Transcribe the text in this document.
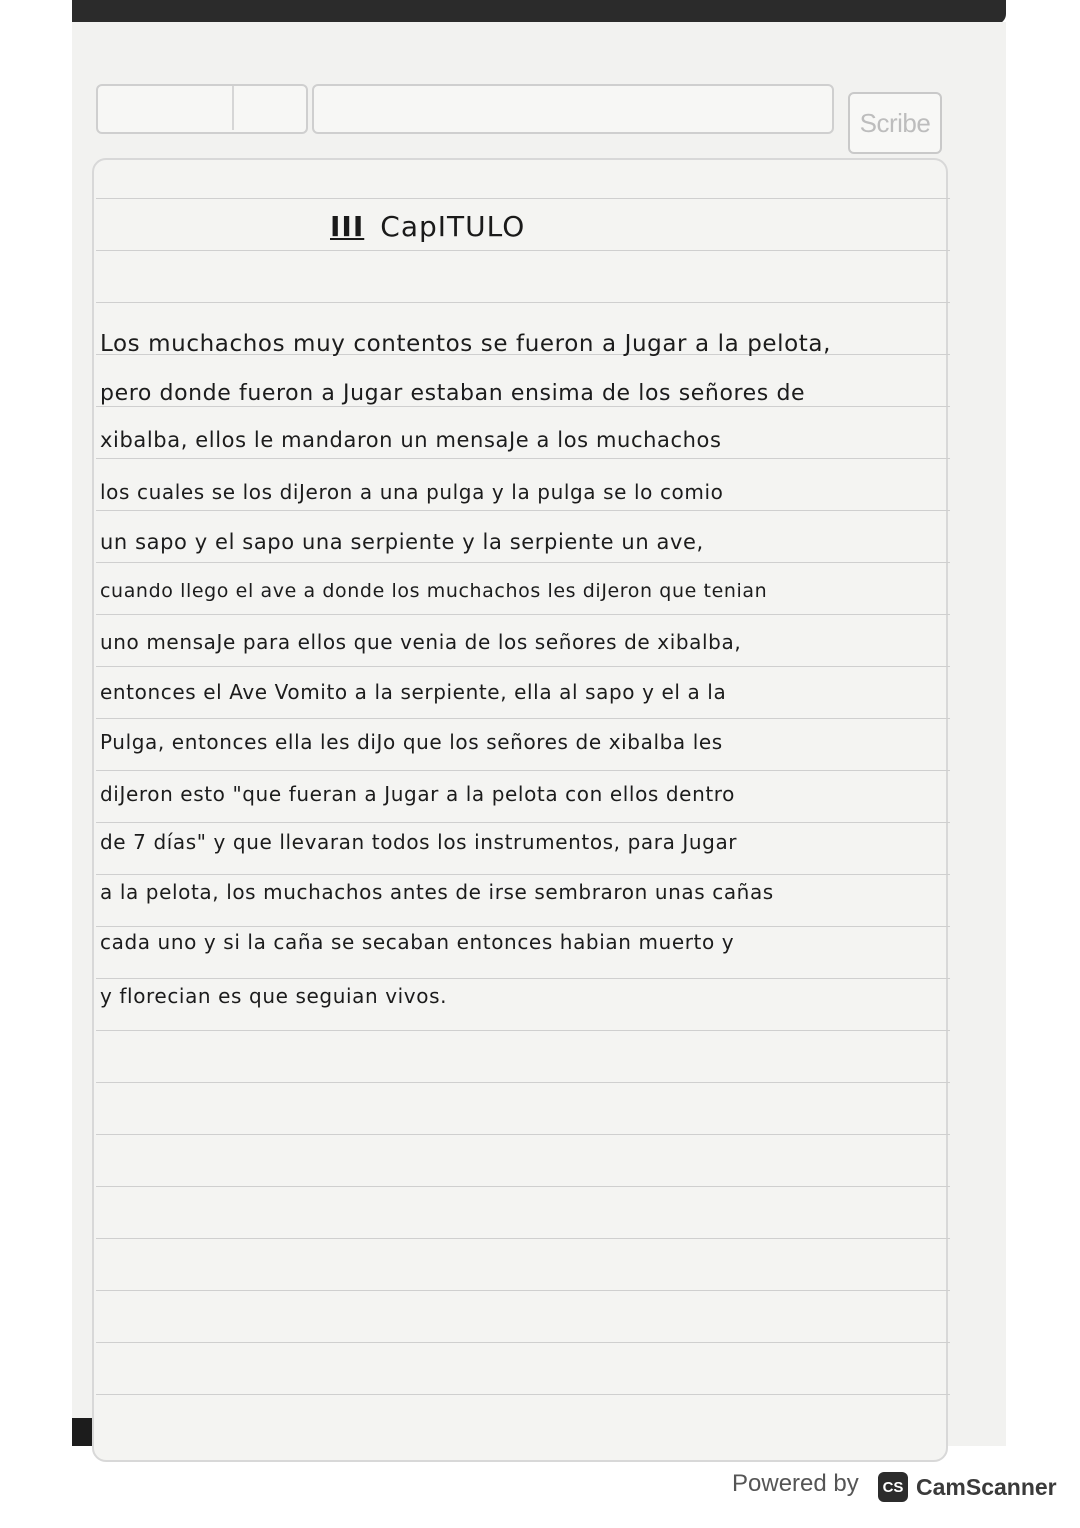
Scribe
III CapITULO
Los muchachos muy contentos se fueron a Jugar a la pelota,
pero donde fueron a Jugar estaban ensima de los señores de
xibalba, ellos le mandaron un mensaJe a los muchachos
los cuales se los diJeron a una pulga y la pulga se lo comio
un sapo y el sapo una serpiente y la serpiente un ave,
cuando llego el ave a donde los muchachos les diJeron que tenian
uno mensaJe para ellos que venia de los señores de xibalba,
entonces el Ave Vomito a la serpiente, ella al sapo y el a la
Pulga, entonces ella les diJo que los señores de xibalba les
diJeron esto "que fueran a Jugar a la pelota con ellos dentro
de 7 días" y que llevaran todos los instrumentos, para Jugar
a la pelota, los muchachos antes de irse sembraron unas cañas
cada uno y si la caña se secaban entonces habian muerto y
y florecian es que seguian vivos.
Powered by	CS CamScanner
